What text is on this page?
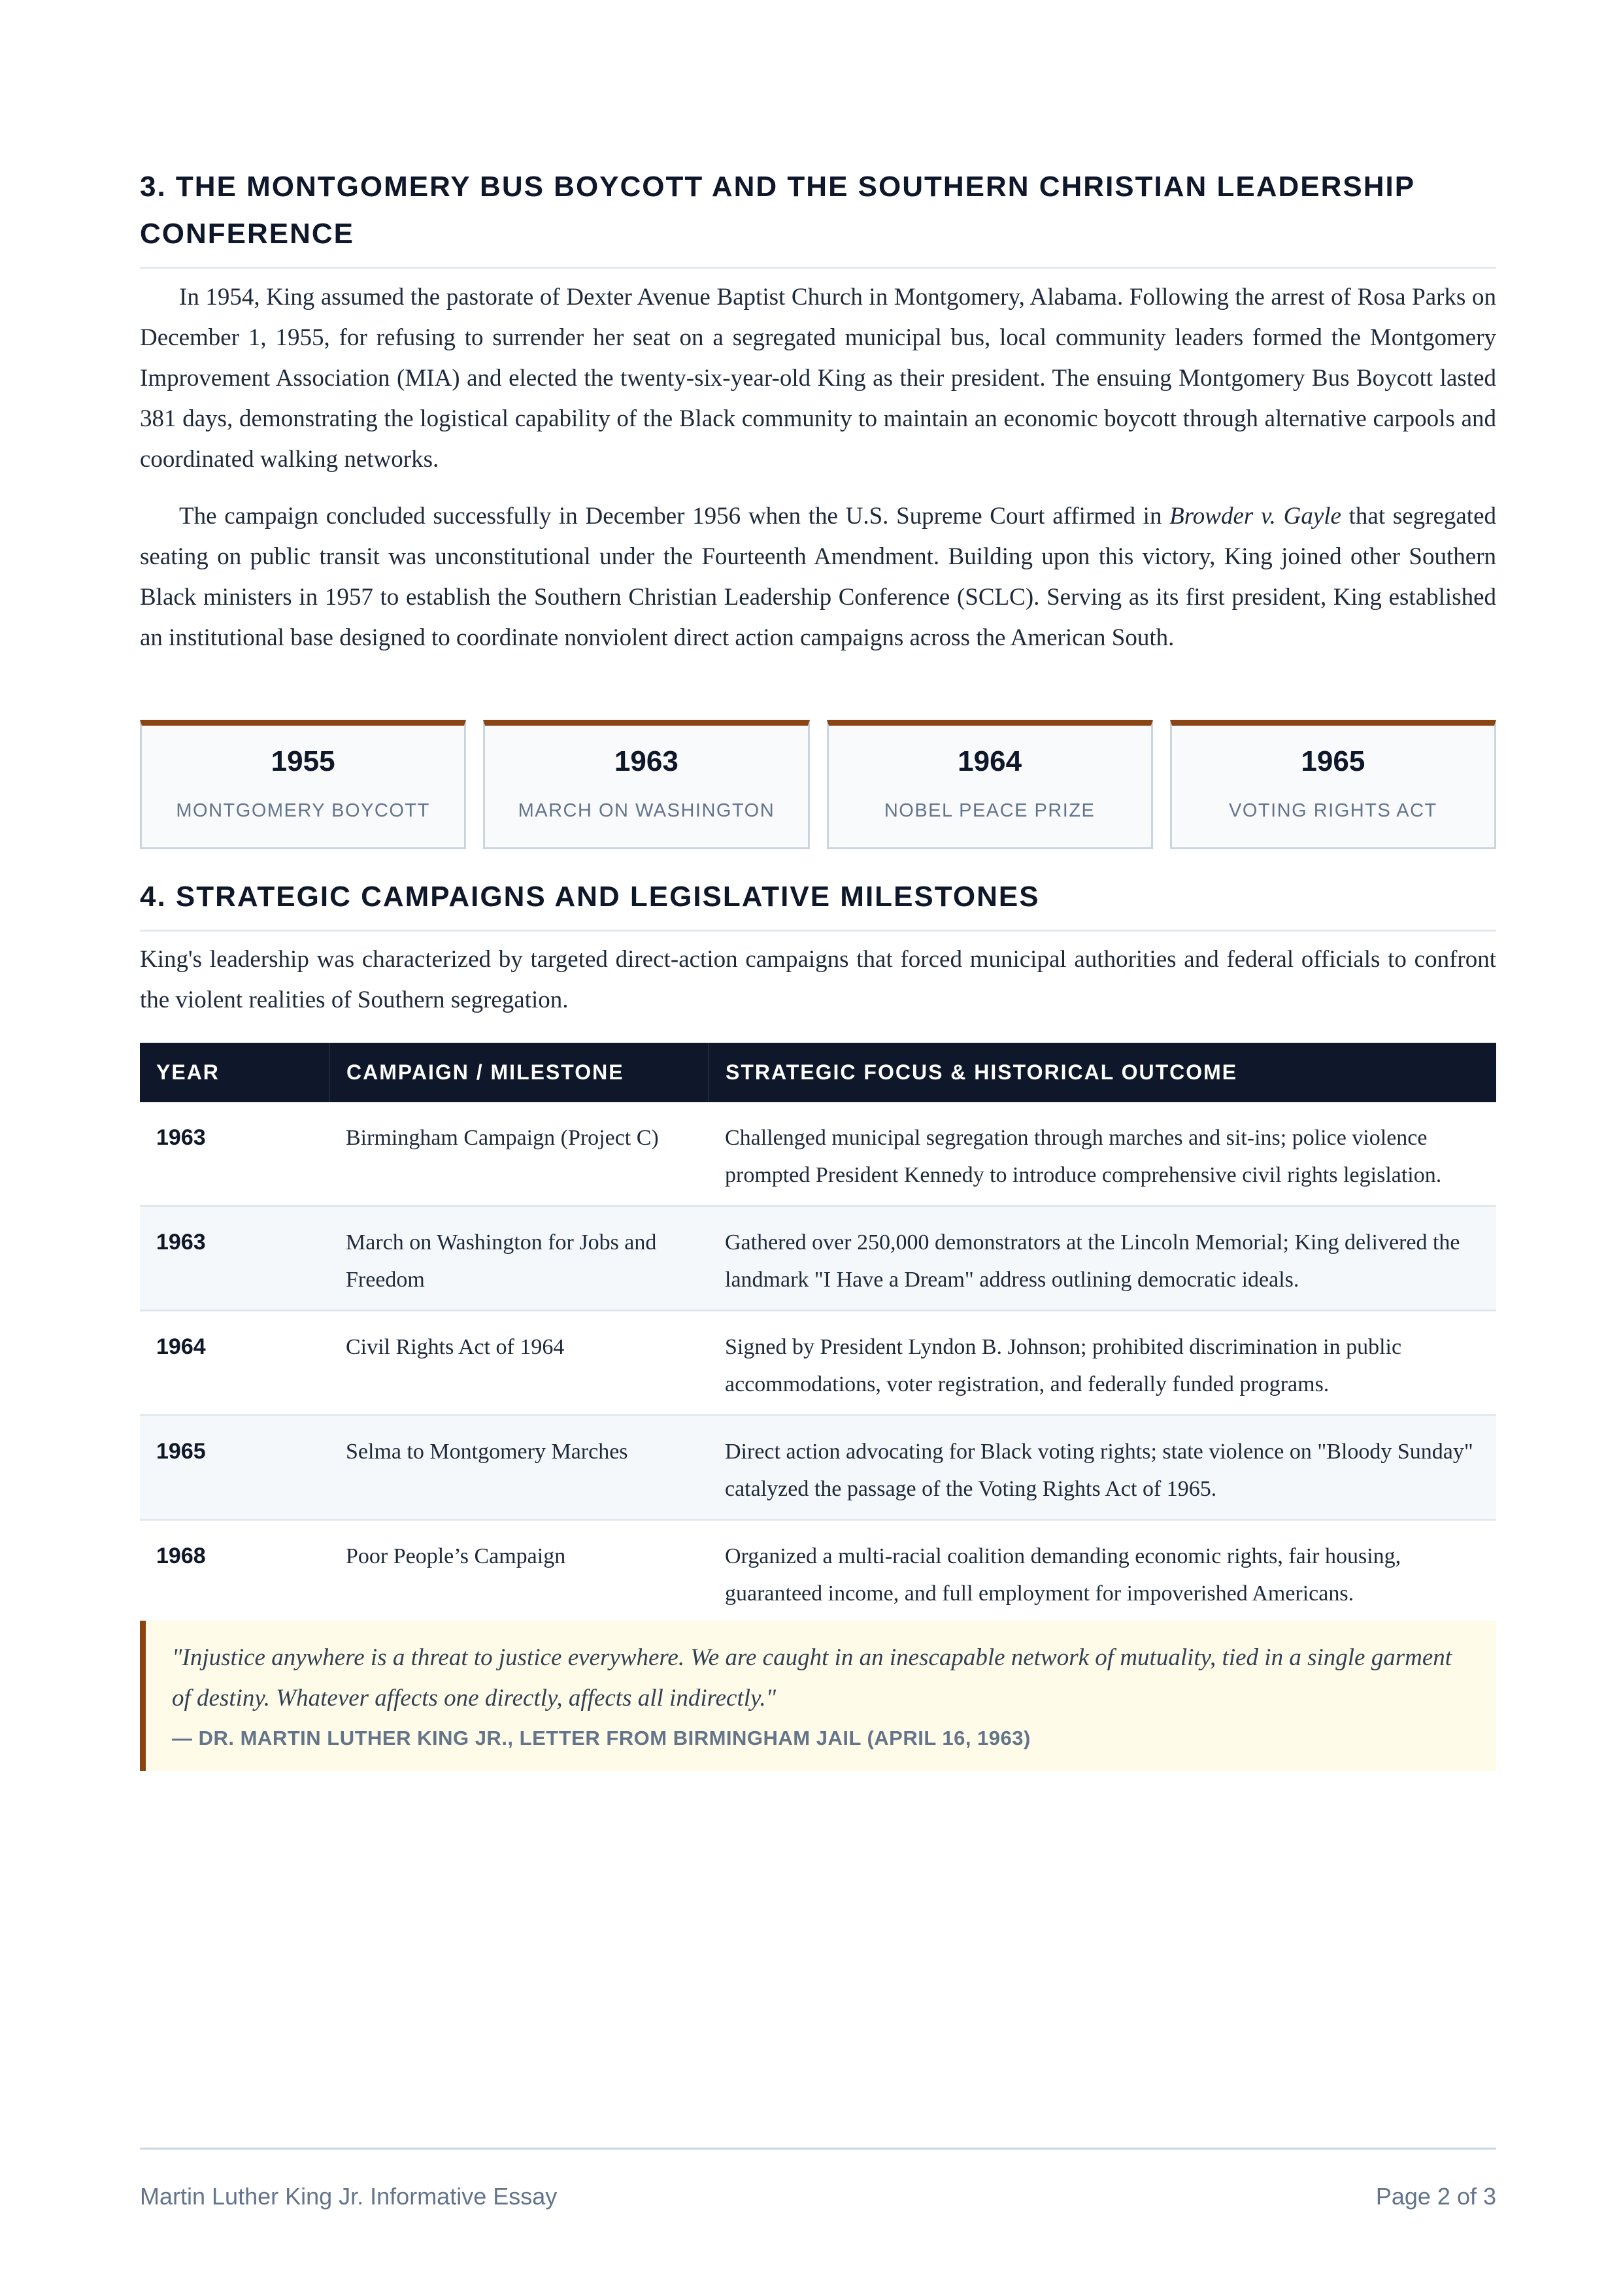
3. THE MONTGOMERY BUS BOYCOTT AND THE SOUTHERN CHRISTIAN LEADERSHIP CONFERENCE

In 1954, King assumed the pastorate of Dexter Avenue Baptist Church in Montgomery, Alabama. Following the arrest of Rosa Parks on December 1, 1955, for refusing to surrender her seat on a segregated municipal bus, local community leaders formed the Montgomery Improvement Association (MIA) and elected the twenty-six-year-old King as their president. The ensuing Montgomery Bus Boycott lasted 381 days, demonstrating the logistical capability of the Black community to maintain an economic boycott through alternative carpools and coordinated walking networks.

The campaign concluded successfully in December 1956 when the U.S. Supreme Court affirmed in Browder v. Gayle that segregated seating on public transit was unconstitutional under the Fourteenth Amendment. Building upon this victory, King joined other Southern Black ministers in 1957 to establish the Southern Christian Leadership Conference (SCLC). Serving as its first president, King established an institutional base designed to coordinate nonviolent direct action campaigns across the American South.

1955
MONTGOMERY BOYCOTT
1963
MARCH ON WASHINGTON
1964
NOBEL PEACE PRIZE
1965
VOTING RIGHTS ACT
4. STRATEGIC CAMPAIGNS AND LEGISLATIVE MILESTONES

King's leadership was characterized by targeted direct-action campaigns that forced municipal authorities and federal officials to confront the violent realities of Southern segregation.

YEAR	CAMPAIGN / MILESTONE	STRATEGIC FOCUS & HISTORICAL OUTCOME
1963	Birmingham Campaign (Project C)	Challenged municipal segregation through marches and sit-ins; police violence prompted President Kennedy to introduce comprehensive civil rights legislation.
1963	March on Washington for Jobs and Freedom	Gathered over 250,000 demonstrators at the Lincoln Memorial; King delivered the landmark "I Have a Dream" address outlining democratic ideals.
1964	Civil Rights Act of 1964	Signed by President Lyndon B. Johnson; prohibited discrimination in public accommodations, voter registration, and federally funded programs.
1965	Selma to Montgomery Marches	Direct action advocating for Black voting rights; state violence on "Bloody Sunday" catalyzed the passage of the Voting Rights Act of 1965.
1968	Poor People’s Campaign	Organized a multi-racial coalition demanding economic rights, fair housing, guaranteed income, and full employment for impoverished Americans.

"Injustice anywhere is a threat to justice everywhere. We are caught in an inescapable network of mutuality, tied in a single garment of destiny. Whatever affects one directly, affects all indirectly."

— DR. MARTIN LUTHER KING JR., LETTER FROM BIRMINGHAM JAIL (APRIL 16, 1963)
Martin Luther King Jr. Informative Essay	Page 2 of 3
